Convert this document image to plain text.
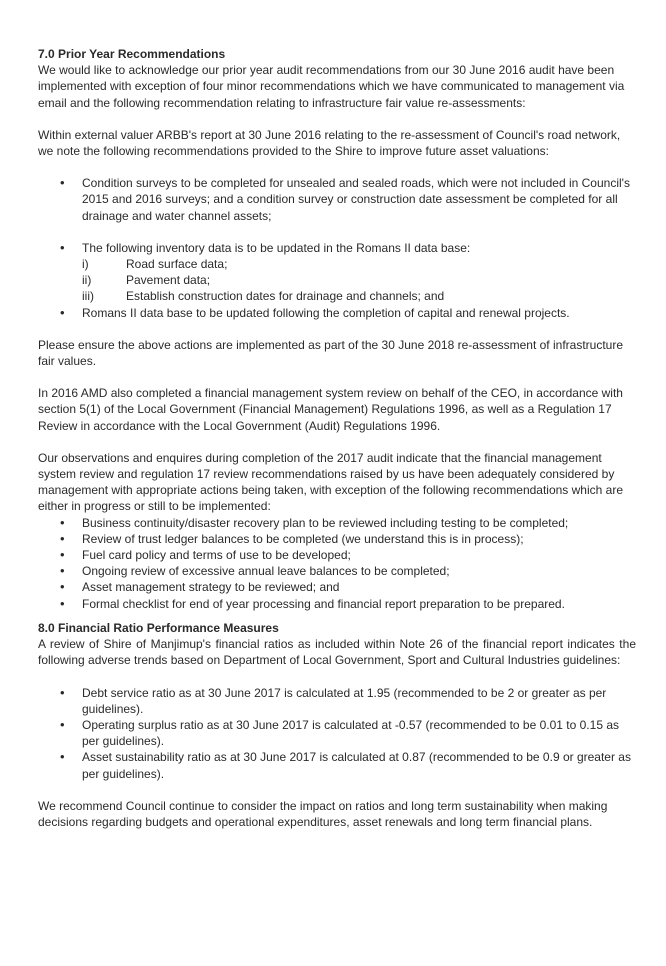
7.0 Prior Year Recommendations

We would like to acknowledge our prior year audit recommendations from our 30 June 2016 audit have been implemented with exception of four minor recommendations which we have communicated to management via email and the following recommendation relating to infrastructure fair value re-assessments:

Within external valuer ARBB's report at 30 June 2016 relating to the re-assessment of Council's road network, we note the following recommendations provided to the Shire to improve future asset valuations:

• Condition surveys to be completed for unsealed and sealed roads, which were not included in Council's 2015 and 2016 surveys; and a condition survey or construction date assessment be completed for all drainage and water channel assets;
• The following inventory data is to be updated in the Romans II data base:
i)	Road surface data;
ii)	Pavement data;
iii)	Establish construction dates for drainage and channels; and
• Romans II data base to be updated following the completion of capital and renewal projects.

Please ensure the above actions are implemented as part of the 30 June 2018 re-assessment of infrastructure fair values.

In 2016 AMD also completed a financial management system review on behalf of the CEO, in accordance with section 5(1) of the Local Government (Financial Management) Regulations 1996, as well as a Regulation 17 Review in accordance with the Local Government (Audit) Regulations 1996.

Our observations and enquires during completion of the 2017 audit indicate that the financial management system review and regulation 17 review recommendations raised by us have been adequately considered by management with appropriate actions being taken, with exception of the following recommendations which are either in progress or still to be implemented:

• Business continuity/disaster recovery plan to be reviewed including testing to be completed;
• Review of trust ledger balances to be completed (we understand this is in process);
• Fuel card policy and terms of use to be developed;
• Ongoing review of excessive annual leave balances to be completed;
• Asset management strategy to be reviewed; and
• Formal checklist for end of year processing and financial report preparation to be prepared.
8.0 Financial Ratio Performance Measures

A review of Shire of Manjimup's financial ratios as included within Note 26 of the financial report indicates the following adverse trends based on Department of Local Government, Sport and Cultural Industries guidelines:

• Debt service ratio as at 30 June 2017 is calculated at 1.95 (recommended to be 2 or greater as per guidelines).
• Operating surplus ratio as at 30 June 2017 is calculated at -0.57 (recommended to be 0.01 to 0.15 as per guidelines).
• Asset sustainability ratio as at 30 June 2017 is calculated at 0.87 (recommended to be 0.9 or greater as per guidelines).

We recommend Council continue to consider the impact on ratios and long term sustainability when making decisions regarding budgets and operational expenditures, asset renewals and long term financial plans.
